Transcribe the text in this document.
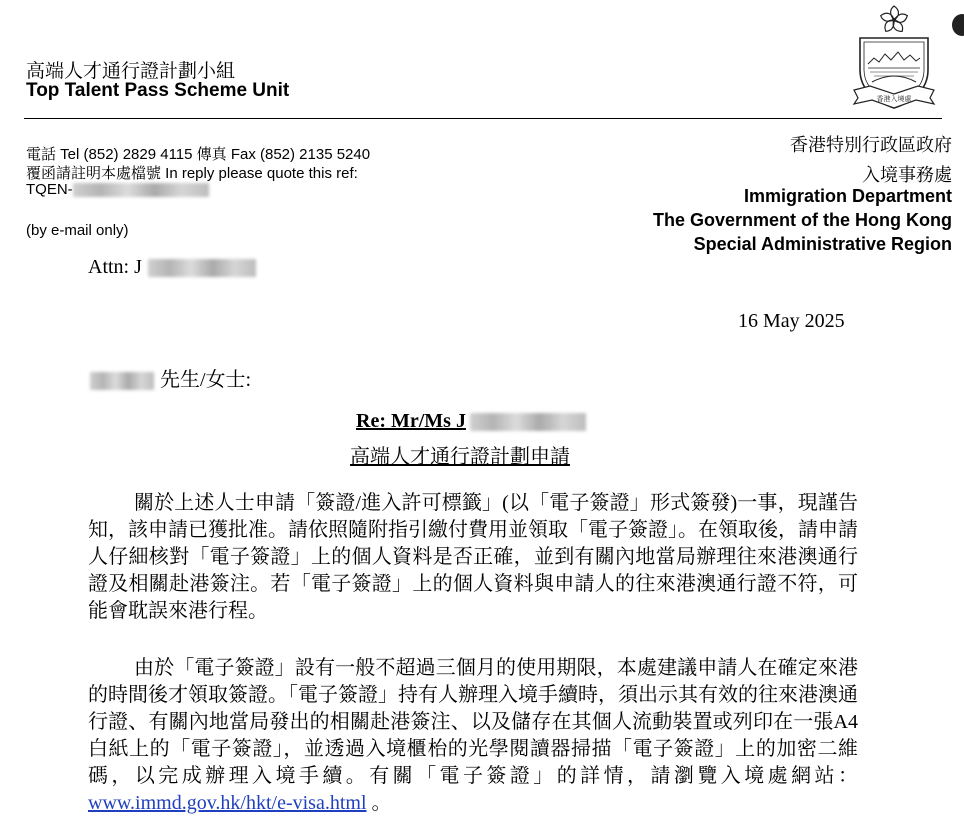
高端人才通行證計劃小組
Top Talent Pass Scheme Unit	香港入境處
電話 Tel (852) 2829 4115 傳真 Fax (852) 2135 5240
覆函請註明本處檔號 In reply please quote this ref:
TQEN-
(by e-mail only)
香港特別行政區政府
入境事務處
Immigration Department
The Government of the Hong Kong
Special Administrative Region
Attn: J
16 May 2025
先生/女士:
Re: Mr/Ms J
高端人才通行證計劃申請

關於上述人士申請「簽證/進入許可標籤」(以「電子簽證」形式簽發)一事，現謹告知，該申請已獲批准。請依照隨附指引繳付費用並領取「電子簽證」。在領取後，請申請人仔細核對「電子簽證」上的個人資料是否正確，並到有關內地當局辦理往來港澳通行證及相關赴港簽注。若「電子簽證」上的個人資料與申請人的往來港澳通行證不符，可能會耽誤來港行程。

由於「電子簽證」設有一般不超過三個月的使用期限，本處建議申請人在確定來港的時間後才領取簽證。「電子簽證」持有人辦理入境手續時，須出示其有效的往來港澳通行證、有關內地當局發出的相關赴港簽注、以及儲存在其個人流動裝置或列印在一張A4白紙上的「電子簽證」，並透過入境櫃枱的光學閱讀器掃描「電子簽證」上的加密二維碼，以完成辦理入境手續。有關「電子簽證」的詳情，請瀏覽入境處網站：www.immd.gov.hk/hkt/e-visa.html 。
